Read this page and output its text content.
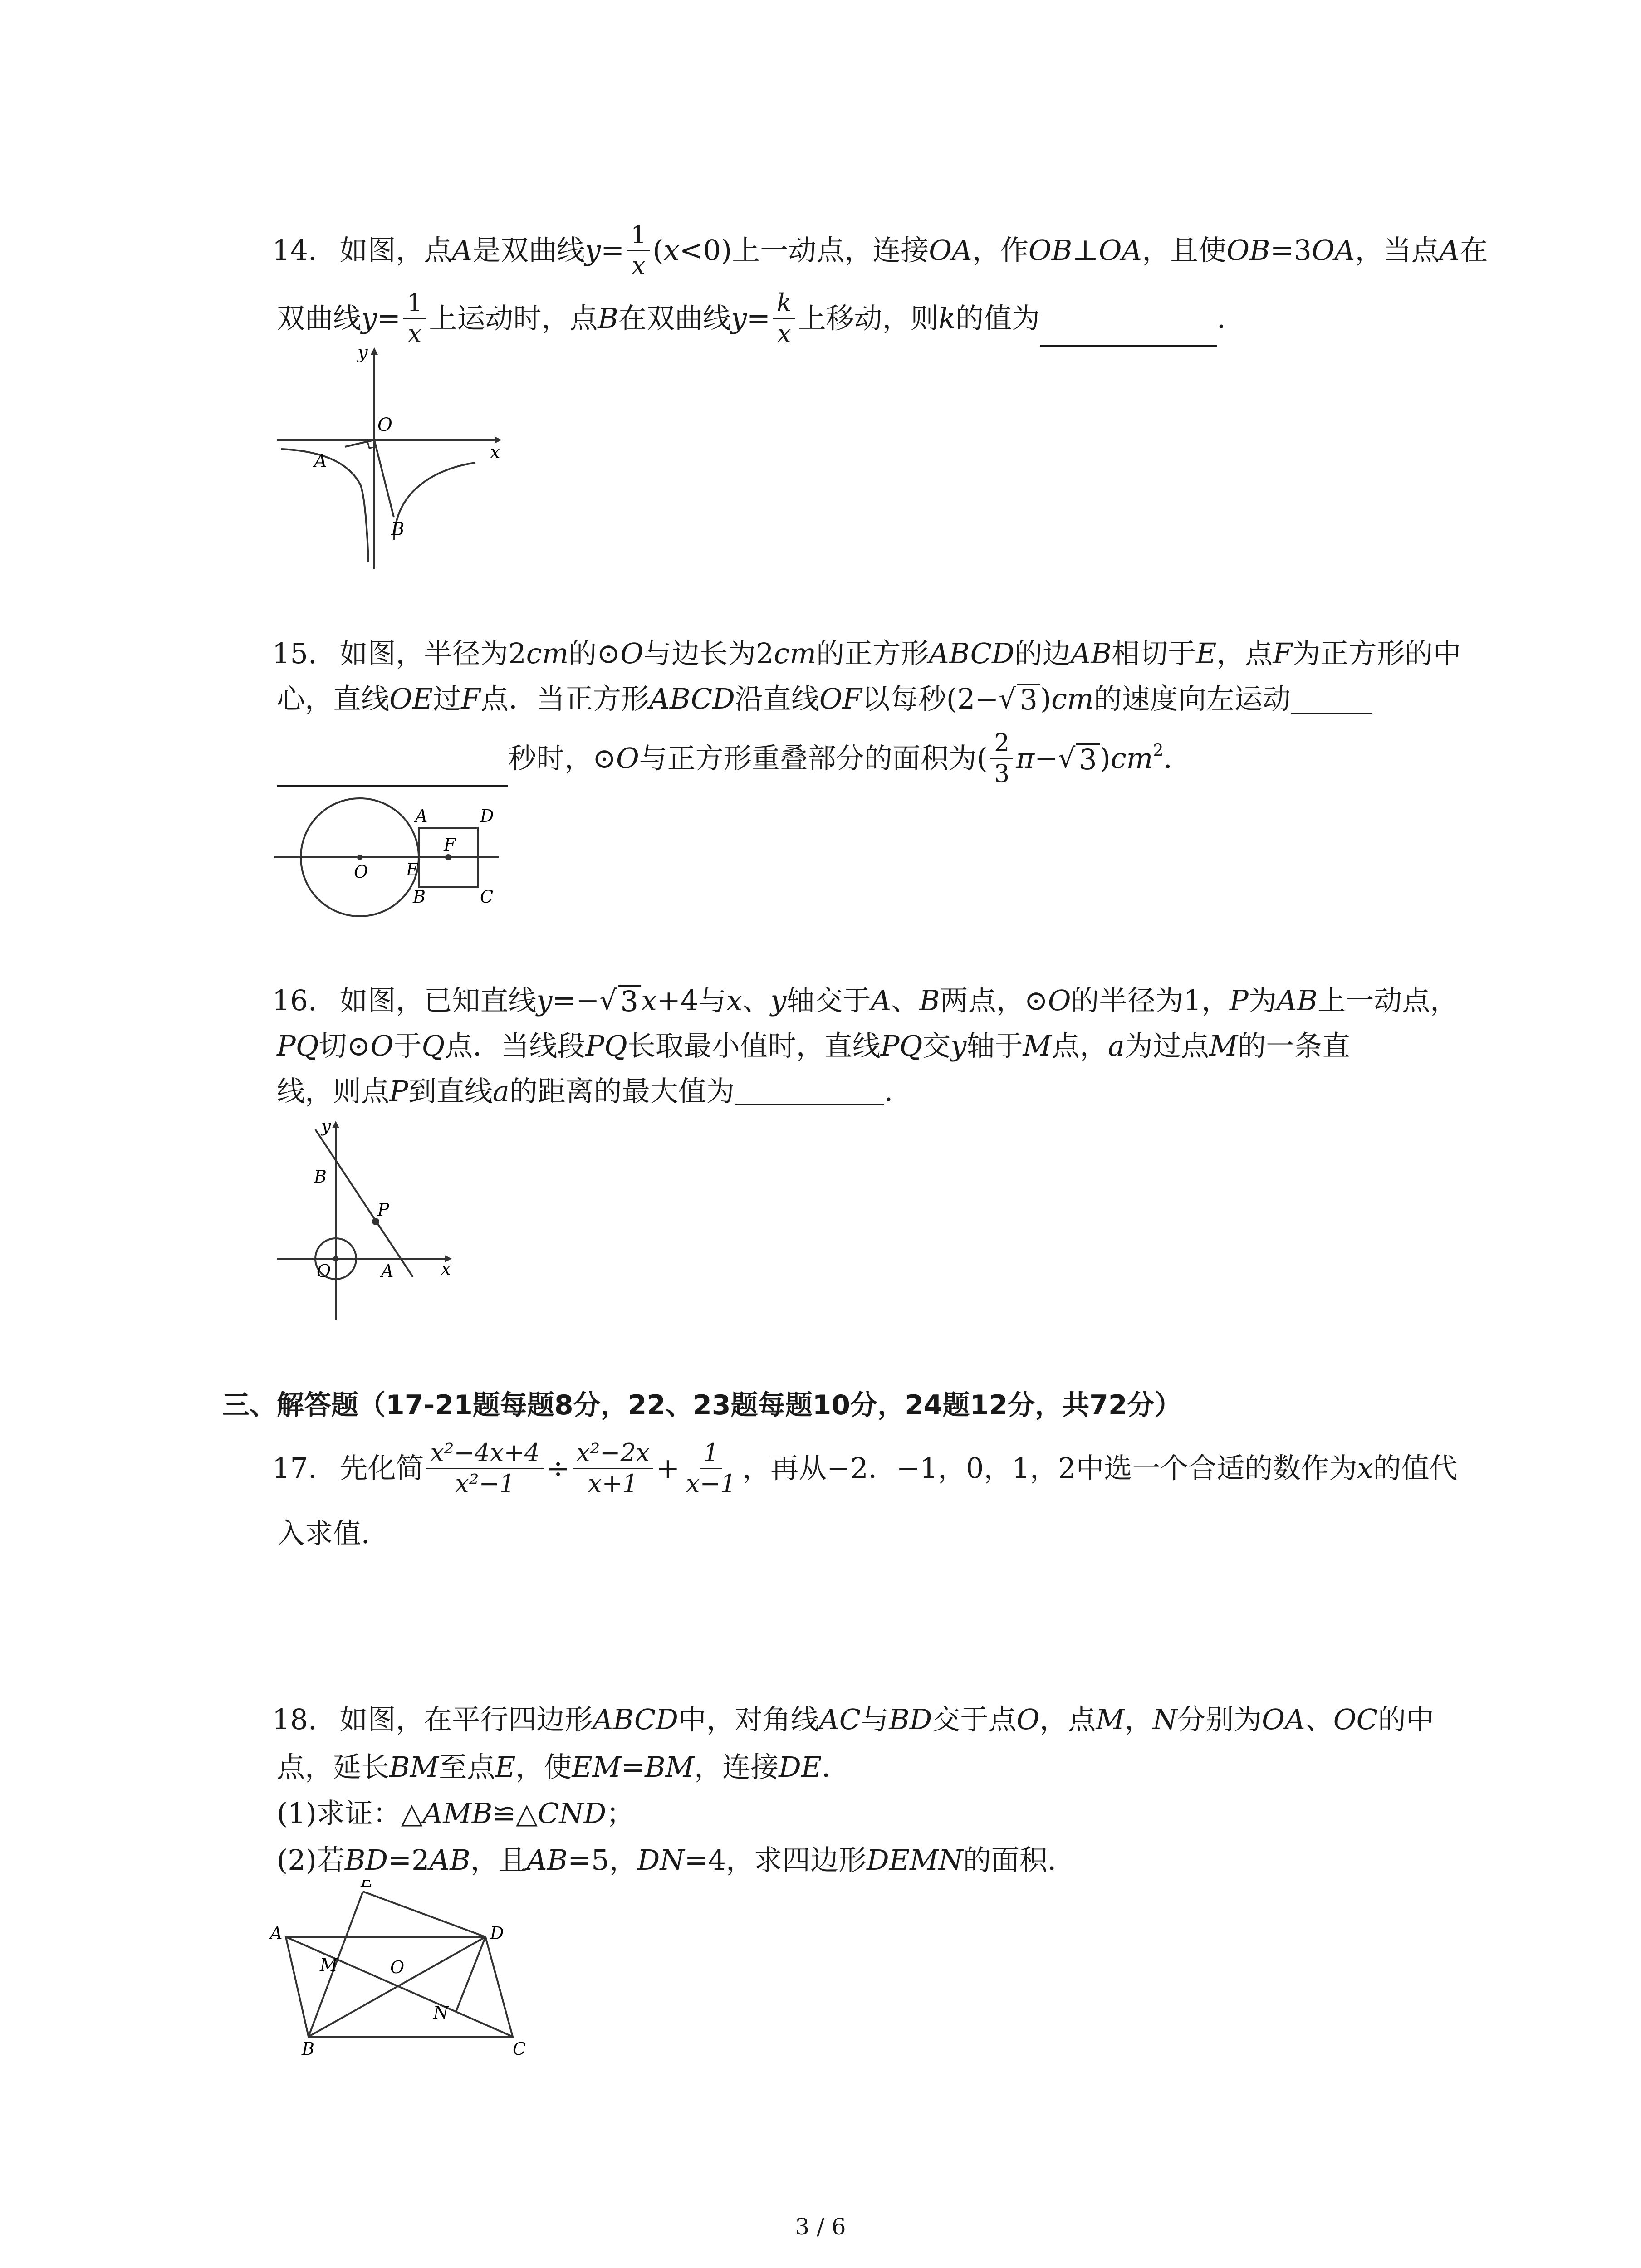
14. 如图，点A是双曲线$y= \frac{1}{x} (x<0)$上一动点，连接OA，作OB⊥OA，且使OB=3OA，当点A在
双曲线$y= \frac{1}{x}$ 上运动时，点B在双曲线$y= \frac{k}{x}$ 上移动，则k的值为	．
y
x
O
A
B
15. 如图，半径为2cm的⊙O与边长为2cm的正方形ABCD的边AB相切于E，点F为正方形的中
心，直线OE过F点．当正方形ABCD沿直线OF以每秒(2−√ 3)cm的速度向左运动
秒时，⊙O与正方形重叠部分的面积为( $\frac{2}{3} \pi-√$ $3)cm^2$．
O E
A
B
D
C
F
16. 如图，已知直线y=−√ 3x+4与x、y轴交于A、B两点，⊙O的半径为1，P为AB上一动点，
PQ切⊙O于Q点．当线段PQ长取最小值时，直线PQ交y轴于M点，a为过点M的一条直
线，则点P到直线a的距离的最大值为	．
y
x
B
P
O	A
三、解答题（17-21题每题8分，22、23题每题10分，24题12分，共72分）
17. 先化简 $\frac{\text{x²−4x+4}}{\text{x²−1}} \div \frac{\text{x²−2x}}{x+1} + \frac{1}{x-1}$ ，再从−2．−1，0，1，2中选一个合适的数作为x的值代
入求值．
18. 如图，在平行四边形ABCD中，对角线AC与BD交于点O，点M，N分别为OA、OC的中
点，延长BM至点E，使EM=BM，连接DE．
(1)求证：△AMB≌△CND；
(2)若BD=2AB，且AB=5，DN=4，求四边形DEMN的面积．
E
A	D
M	O
N
B	C
3 / 6
